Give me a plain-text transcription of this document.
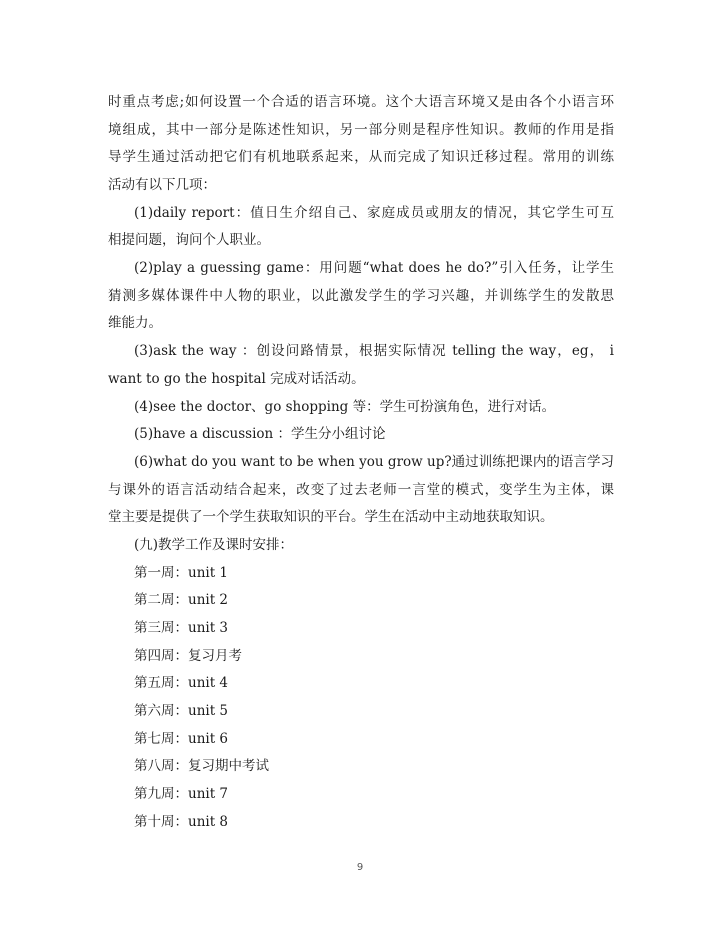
时重点考虑;如何设置一个合适的语言环境。这个大语言环境又是由各个小语言环
境组成，其中一部分是陈述性知识，另一部分则是程序性知识。教师的作用是指
导学生通过活动把它们有机地联系起来，从而完成了知识迁移过程。常用的训练
活动有以下几项：
(1)daily report：值日生介绍自己、家庭成员或朋友的情况，其它学生可互
相提问题，询问个人职业。
(2)play a guessing game：用问题“what does he do?”引入任务，让学生
猜测多媒体课件中人物的职业，以此激发学生的学习兴趣，并训练学生的发散思
维能力。
(3)ask the way ：创设问路情景，根据实际情况 telling the way，eg， i
want to go the hospital 完成对话活动。
(4)see the doctor、go shopping 等：学生可扮演角色，进行对话。
(5)have a discussion ：学生分小组讨论
(6)what do you want to be when you grow up?通过训练把课内的语言学习
与课外的语言活动结合起来，改变了过去老师一言堂的模式，变学生为主体，课
堂主要是提供了一个学生获取知识的平台。学生在活动中主动地获取知识。
(九)教学工作及课时安排：
第一周：unit 1
第二周：unit 2
第三周：unit 3
第四周：复习月考
第五周：unit 4
第六周：unit 5
第七周：unit 6
第八周：复习期中考试
第九周：unit 7
第十周：unit 8
9
